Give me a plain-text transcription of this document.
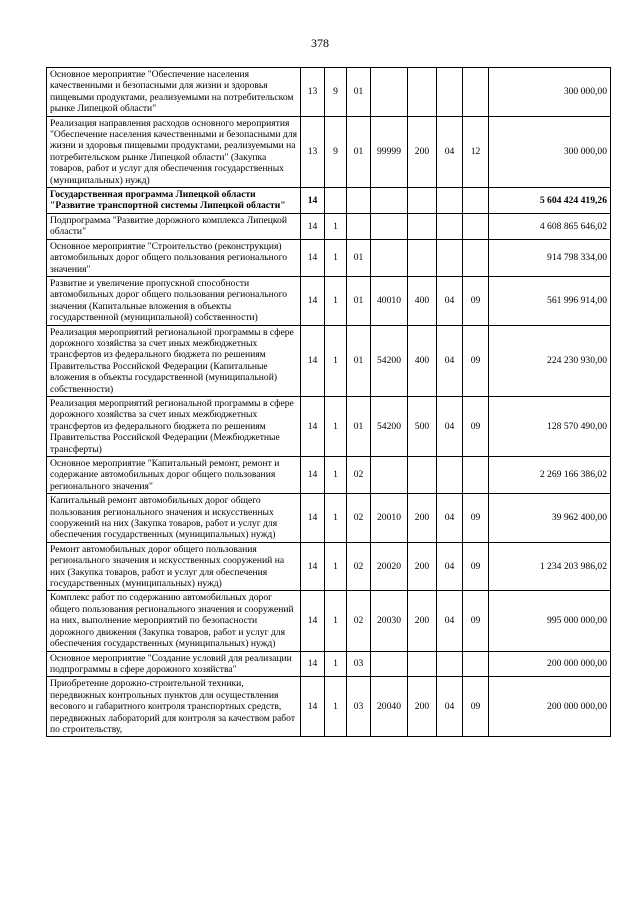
378
Основное мероприятие "Обеспечение населения качественными и безопасными для жизни и здоровья пищевыми продуктами, реализуемыми на потребительском рынке Липецкой области"	13	9	01					300 000,00
Реализация направления расходов основного мероприятия "Обеспечение населения качественными и безопасными для жизни и здоровья пищевыми продуктами, реализуемыми на потребительском рынке Липецкой области" (Закупка товаров, работ и услуг для обеспечения государственных (муниципальных) нужд)	13	9	01	99999	200	04	12	300 000,00
Государственная программа Липецкой области "Развитие транспортной системы Липецкой области"	14							5 604 424 419,26
Подпрограмма "Развитие дорожного комплекса Липецкой области"	14	1						4 608 865 646,02
Основное мероприятие "Строительство (реконструкция) автомобильных дорог общего пользования регионального значения"	14	1	01					914 798 334,00
Развитие и увеличение пропускной способности автомобильных дорог общего пользования регионального значения (Капитальные вложения в объекты государственной (муниципальной) собственности)	14	1	01	40010	400	04	09	561 996 914,00
Реализация мероприятий региональной программы в сфере дорожного хозяйства за счет иных межбюджетных трансфертов из федерального бюджета по решениям Правительства Российской Федерации (Капитальные вложения в объекты государственной (муниципальной) собственности)	14	1	01	54200	400	04	09	224 230 930,00
Реализация мероприятий региональной программы в сфере дорожного хозяйства за счет иных межбюджетных трансфертов из федерального бюджета по решениям Правительства Российской Федерации (Межбюджетные трансферты)	14	1	01	54200	500	04	09	128 570 490,00
Основное мероприятие "Капитальный ремонт, ремонт и содержание автомобильных дорог общего пользования регионального значения"	14	1	02					2 269 166 386,02
Капитальный ремонт автомобильных дорог общего пользования регионального значения и искусственных сооружений на них (Закупка товаров, работ и услуг для обеспечения государственных (муниципальных) нужд)	14	1	02	20010	200	04	09	39 962 400,00
Ремонт автомобильных дорог общего пользования регионального значения и искусственных сооружений на них (Закупка товаров, работ и услуг для обеспечения государственных (муниципальных) нужд)	14	1	02	20020	200	04	09	1 234 203 986,02
Комплекс работ по содержанию автомобильных дорог общего пользования регионального значения и сооружений на них, выполнение мероприятий по безопасности дорожного движения (Закупка товаров, работ и услуг для обеспечения государственных (муниципальных) нужд)	14	1	02	20030	200	04	09	995 000 000,00
Основное мероприятие "Создание условий для реализации подпрограммы в сфере дорожного хозяйства"	14	1	03					200 000 000,00
Приобретение дорожно-строительной техники, передвижных контрольных пунктов для осуществления весового и габаритного контроля транспортных средств, передвижных лабораторий для контроля за качеством работ по строительству,	14	1	03	20040	200	04	09	200 000 000,00
